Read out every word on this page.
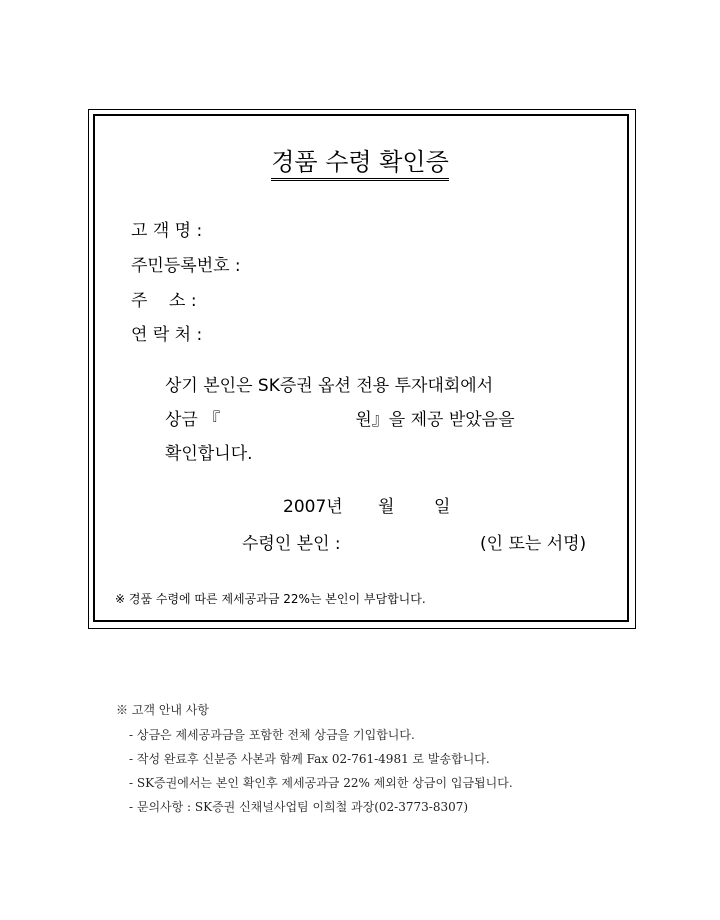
경품 수령 확인증
고 객 명 :
주민등록번호 :
주    소 :
연 락 처 :
상기 본인은 SK증권 옵션 전용 투자대회에서
상금 『                         원』을 제공 받았음을
확인합니다.
2007년 월 일
수령인 본인 :	(인 또는 서명)
※ 경품 수령에 따른 제세공과금 22%는 본인이 부담합니다.
※ 고객 안내 사항
- 상금은 제세공과금을 포함한 전체 상금을 기입합니다.
- 작성 완료후 신분증 사본과 함께 Fax 02-761-4981 로 발송합니다.
- SK증권에서는 본인 확인후 제세공과금 22% 제외한 상금이 입금됩니다.
- 문의사항 : SK증권 신채널사업팀 이희철 과장(02-3773-8307)
